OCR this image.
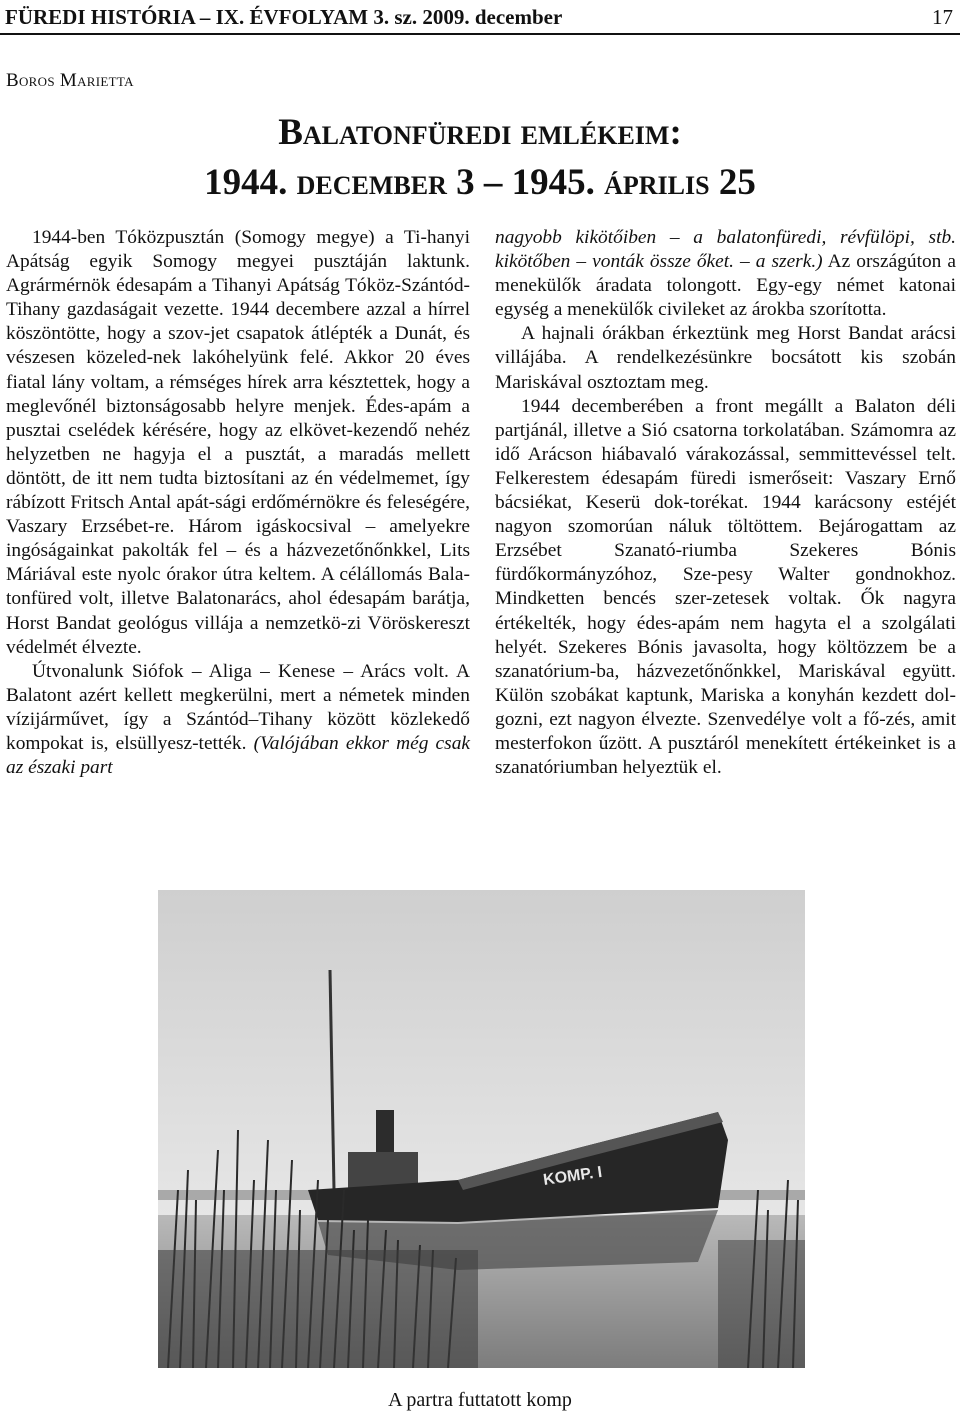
FÜREDI HISTÓRIA – IX. ÉVFOLYAM 3. sz. 2009. december	17
Boros Marietta
Balatonfüredi emlékeim:
1944. december 3 – 1945. április 25

1944-ben Tóközpusztán (Somogy megye) a Ti-hanyi Apátság egyik Somogy megyei pusztáján laktunk. Agrármérnök édesapám a Tihanyi Apátság Tóköz-Szántód-Tihany gazdaságait vezette. 1944 decembere azzal a hírrel köszöntötte, hogy a szov-jet csapatok átlépték a Dunát, és vészesen közeled-nek lakóhelyünk felé. Akkor 20 éves fiatal lány voltam, a rémséges hírek arra késztettek, hogy a meglevőnél biztonságosabb helyre menjek. Édes-apám a pusztai cselédek kérésére, hogy az elkövet-kezendő nehéz helyzetben ne hagyja el a pusztát, a maradás mellett döntött, de itt nem tudta biztosítani az én védelmemet, így rábízott Fritsch Antal apát-sági erdőmérnökre és feleségére, Vaszary Erzsébet-re. Három igáskocsival – amelyekre ingóságainkat pakolták fel – és a házvezetőnőnkkel, Lits Máriával este nyolc órakor útra keltem. A célállomás Bala-tonfüred volt, illetve Balatonarács, ahol édesapám barátja, Horst Bandat geológus villája a nemzetkö-zi Vöröskereszt védelmét élvezte.

Útvonalunk Siófok – Aliga – Kenese – Arács volt. A Balatont azért kellett megkerülni, mert a németek minden vízijárművet, így a Szántód–Tihany között közlekedő kompokat is, elsüllyesz-tették. (Valójában ekkor még csak az északi part

nagyobb kikötőiben – a balatonfüredi, révfülöpi, stb. kikötőben – vonták össze őket. – a szerk.) Az országúton a menekülők áradata tolongott. Egy-egy német katonai egység a menekülők civileket az árokba szorította.

A hajnali órákban érkeztünk meg Horst Bandat arácsi villájába. A rendelkezésünkre bocsátott kis szobán Mariskával osztoztam meg.

1944 decemberében a front megállt a Balaton déli partjánál, illetve a Sió csatorna torkolatában. Számomra az idő Arácson hiábavaló várakozással, semmittevéssel telt. Felkerestem édesapám füredi ismerőseit: Vaszary Ernő bácsiékat, Keserü dok-torékat. 1944 karácsony estéjét nagyon szomorúan náluk töltöttem. Bejárogattam az Erzsébet Szanató-riumba Szekeres Bónis fürdőkormányzóhoz, Sze-pesy Walter gondnokhoz. Mindketten bencés szer-zetesek voltak. Ők nagyra értékelték, hogy édes-apám nem hagyta el a szolgálati helyét. Szekeres Bónis javasolta, hogy költözzem be a szanatórium-ba, házvezetőnőnkkel, Mariskával együtt. Külön szobákat kaptunk, Mariska a konyhán kezdett dol-gozni, ezt nagyon élvezte. Szenvedélye volt a fő-zés, amit mesterfokon űzött. A pusztáról menekített értékeinket is a szanatóriumban helyeztük el.

KOMP. I
A partra futtatott komp
